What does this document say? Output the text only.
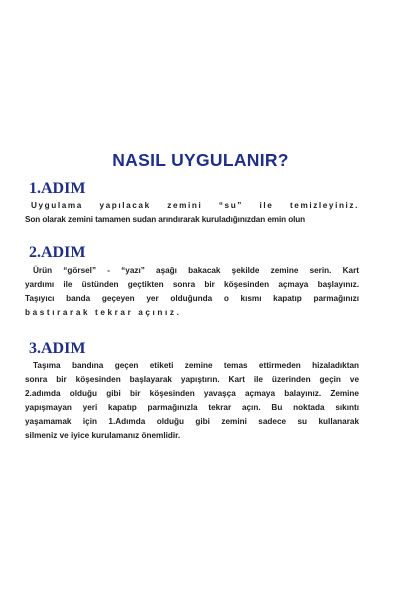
NASIL UYGULANIR?
1.ADIM
Uygulama yapılacak zemini “su” ile temizleyiniz.
Son olarak zemini tamamen sudan arındırarak kuruladığınızdan emin olun
2.ADIM
Ürün “görsel” - “yazı” aşağı bakacak şekilde zemine serin. Kart
yardımı ile üstünden geçtikten sonra bir köşesinden açmaya başlayınız.
Taşıyıcı banda geçeyen yer olduğunda o kısmı kapatıp parmağınızı
bastırarak tekrar açınız.
3.ADIM
Taşıma bandına geçen etiketi zemine temas ettirmeden hizaladıktan
sonra bir köşesinden başlayarak yapıştırın. Kart ile üzerinden geçin ve
2.adımda olduğu gibi bir köşesinden yavaşça açmaya balayınız. Zemine
yapışmayan yeri kapatıp parmağınızla tekrar açın. Bu noktada sıkıntı
yaşamamak için 1.Adımda olduğu gibi zemini sadece su kullanarak
silmeniz ve iyice kurulamanız önemlidir.
